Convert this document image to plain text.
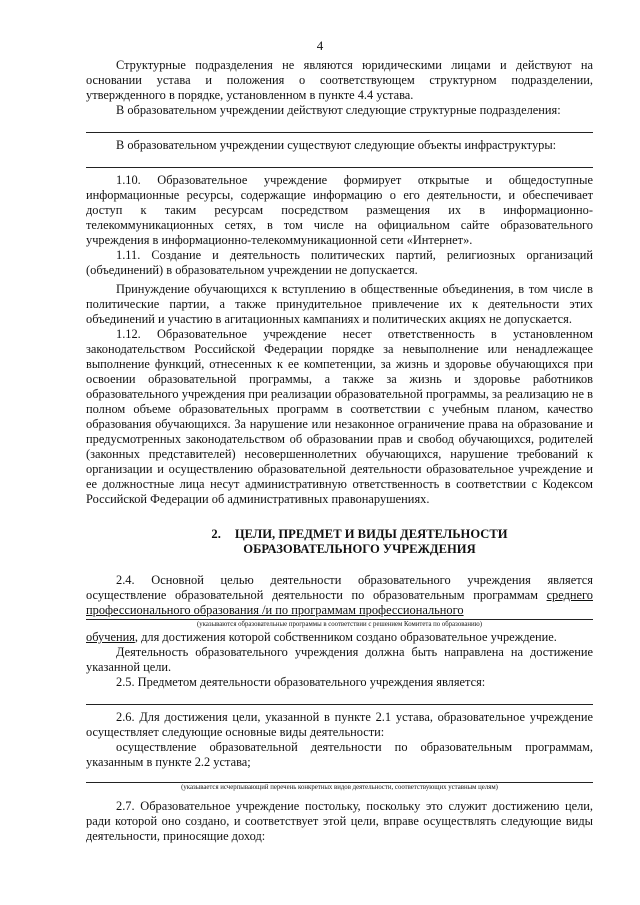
4

Структурные подразделения не являются юридическими лицами и действуют на основании устава и положения о соответствующем структурном подразделении, утвержденного в порядке, установленном в пункте 4.4 устава.

В образовательном учреждении действуют следующие структурные подразделения:

В образовательном учреждении существуют следующие объекты инфраструктуры:

1.10. Образовательное учреждение формирует открытые и общедоступные информационные ресурсы, содержащие информацию о его деятельности, и обеспечивает доступ к таким ресурсам посредством размещения их в информационно-телекоммуникационных сетях, в том числе на официальном сайте образовательного учреждения в информационно-телекоммуникационной сети «Интернет».

1.11. Создание и деятельность политических партий, религиозных организаций (объединений) в образовательном учреждении не допускается.

Принуждение обучающихся к вступлению в общественные объединения, в том числе в политические партии, а также принудительное привлечение их к деятельности этих объединений и участию в агитационных кампаниях и политических акциях не допускается.

1.12. Образовательное учреждение несет ответственность в установленном законодательством Российской Федерации порядке за невыполнение или ненадлежащее выполнение функций, отнесенных к ее компетенции, за жизнь и здоровье обучающихся при освоении образовательной программы, а также за жизнь и здоровье работников образовательного учреждения при реализации образовательной программы, за реализацию не в полном объеме образовательных программ в соответствии с учебным планом, качество образования обучающихся. За нарушение или незаконное ограничение права на образование и предусмотренных законодательством об образовании прав и свобод обучающихся, родителей (законных представителей) несовершеннолетних обучающихся, нарушение требований к организации и осуществлению образовательной деятельности образовательное учреждение и ее должностные лица несут административную ответственность в соответствии с Кодексом Российской Федерации об административных правонарушениях.

2. ЦЕЛИ, ПРЕДМЕТ И ВИДЫ ДЕЯТЕЛЬНОСТИ
ОБРАЗОВАТЕЛЬНОГО УЧРЕЖДЕНИЯ

2.4. Основной целью деятельности образовательного учреждения является осуществление образовательной деятельности по образовательным программам среднего профессионального образования /и по программам профессионального

(указываются образовательные программы в соответствии с решением Комитета по образованию)

обучения, для достижения которой собственником создано образовательное учреждение.

Деятельность образовательного учреждения должна быть направлена на достижение указанной цели.

2.5. Предметом деятельности образовательного учреждения является:

2.6. Для достижения цели, указанной в пункте 2.1 устава, образовательное учреждение осуществляет следующие основные виды деятельности:

осуществление образовательной деятельности по образовательным программам, указанным в пункте 2.2 устава;

(указывается исчерпывающий перечень конкретных видов деятельности, соответствующих уставным целям)

2.7. Образовательное учреждение постольку, поскольку это служит достижению цели, ради которой оно создано, и соответствует этой цели, вправе осуществлять следующие виды деятельности, приносящие доход:
